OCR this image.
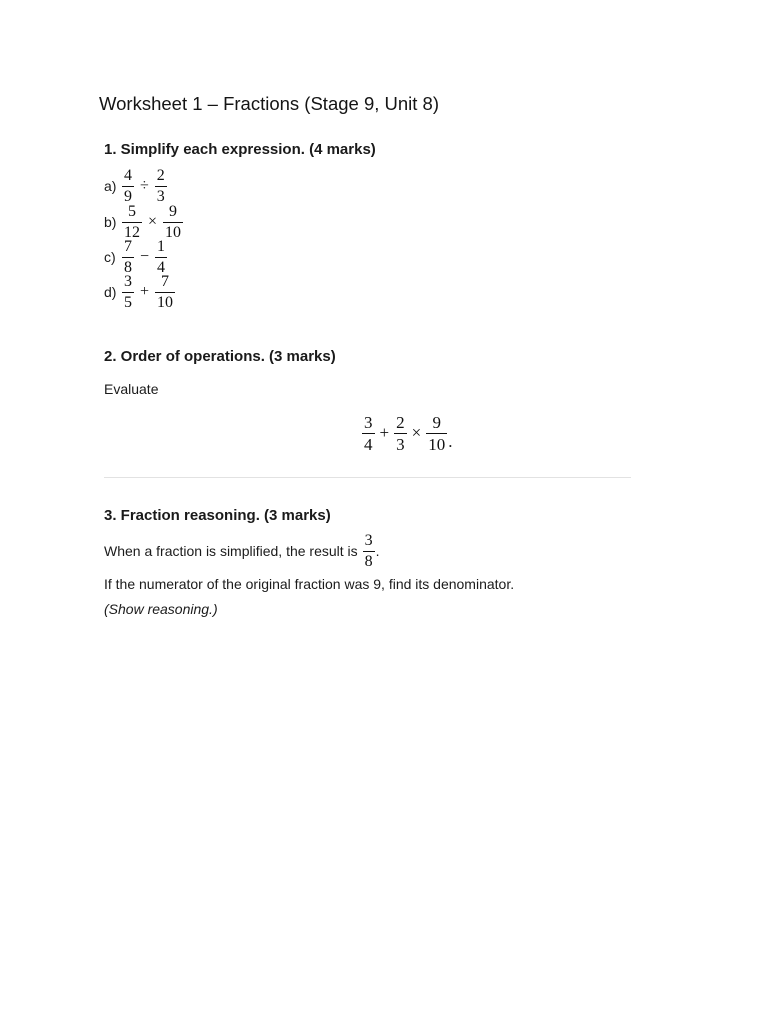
Worksheet 1 – Fractions (Stage 9, Unit 8)
1. Simplify each expression. (4 marks)
$a) \frac{4}{9} \div \frac{2}{3}$
$b) \frac{5}{12} \times \frac{9}{10}$
$c) \frac{7}{8} - \frac{1}{4}$
$d) \frac{3}{5} + \frac{7}{10}$
2. Order of operations. (3 marks)
Evaluate
$\frac{3}{4} + \frac{2}{3} \times \frac{9}{10}$ .
3. Fraction reasoning. (3 marks)
When a fraction is simplified, the result is $\frac{3}{8}$ .
If the numerator of the original fraction was 9, find its denominator.
(Show reasoning.)
